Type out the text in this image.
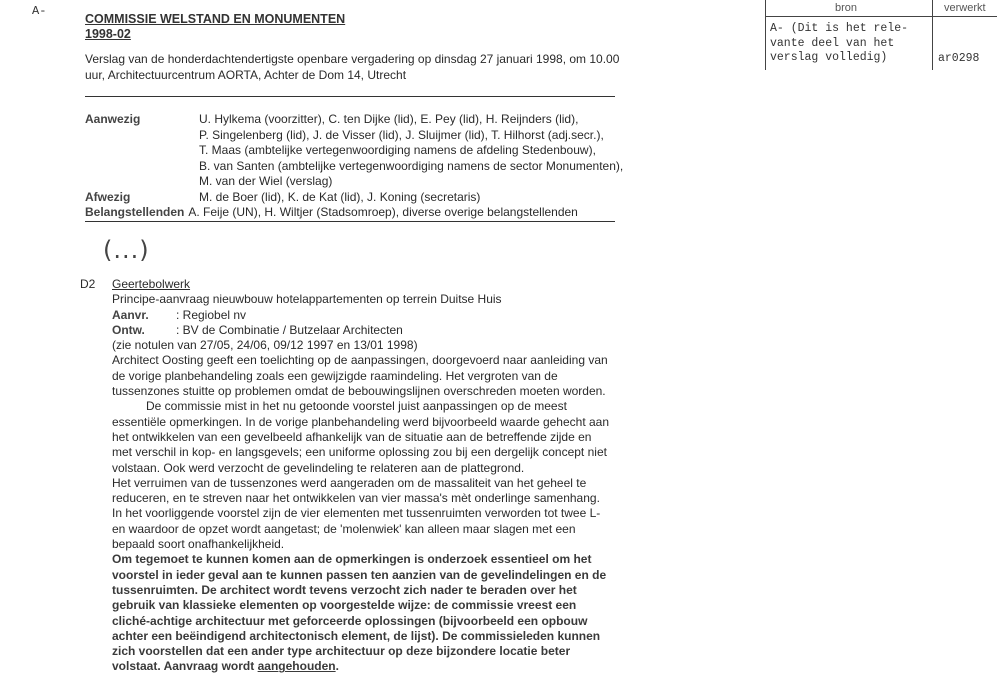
A-
COMMISSIE WELSTAND EN MONUMENTEN
1998-02
Verslag van de honderdachtendertigste openbare vergadering op dinsdag 27 januari 1998, om 10.00 uur, Architectuurcentrum AORTA, Achter de Dom 14, Utrecht
Aanwezig	U. Hylkema (voorzitter), C. ten Dijke (lid), E. Pey (lid), H. Reijnders (lid),
P. Singelenberg (lid), J. de Visser (lid), J. Sluijmer (lid), T. Hilhorst (adj.secr.),
T. Maas (ambtelijke vertegenwoordiging namens de afdeling Stedenbouw),
B. van Santen (ambtelijke vertegenwoordiging namens de sector Monumenten),
M. van der Wiel (verslag)
Afwezig	M. de Boer (lid), K. de Kat (lid), J. Koning (secretaris)
Belangstellenden A. Feije (UN), H. Wiltjer (Stadsomroep), diverse overige belangstellenden
(...)
D2 Geertebolwerk
Principe-aanvraag nieuwbouw hotelappartementen op terrein Duitse Huis
Aanvr.	: Regiobel nv
Ontw.	: BV de Combinatie / Butzelaar Architecten
(zie notulen van 27/05, 24/06, 09/12 1997 en 13/01 1998)
Architect Oosting geeft een toelichting op de aanpassingen, doorgevoerd naar aanleiding van de vorige planbehandeling zoals een gewijzigde raamindeling. Het vergroten van de tussenzones stuitte op problemen omdat de bebouwingslijnen overschreden moeten worden.
De commissie mist in het nu getoonde voorstel juist aanpassingen op de meest essentiële opmerkingen. In de vorige planbehandeling werd bijvoorbeeld waarde gehecht aan het ontwikkelen van een gevelbeeld afhankelijk van de situatie aan de betreffende zijde en met verschil in kop- en langsgevels; een uniforme oplossing zou bij een dergelijk concept niet volstaan. Ook werd verzocht de gevelindeling te relateren aan de plattegrond.
Het verruimen van de tussenzones werd aangeraden om de massaliteit van het geheel te reduceren, en te streven naar het ontwikkelen van vier massa's mèt onderlinge samenhang. In het voorliggende voorstel zijn de vier elementen met tussenruimten verworden tot twee L-en waardoor de opzet wordt aangetast; de 'molenwiek' kan alleen maar slagen met een bepaald soort onafhankelijkheid.
Om tegemoet te kunnen komen aan de opmerkingen is onderzoek essentieel om het voorstel in ieder geval aan te kunnen passen ten aanzien van de gevelindelingen en de tussenruimten. De architect wordt tevens verzocht zich nader te beraden over het gebruik van klassieke elementen op voorgestelde wijze: de commissie vreest een cliché-achtige architectuur met geforceerde oplossingen (bijvoorbeeld een opbouw achter een beëindigend architectonisch element, de lijst). De commissieleden kunnen zich voorstellen dat een ander type architectuur op deze bijzondere locatie beter volstaat. Aanvraag wordt aangehouden.
bron	verwerkt
A- (Dit is het rele-
vante deel van het
verslag volledig)	ar0298
